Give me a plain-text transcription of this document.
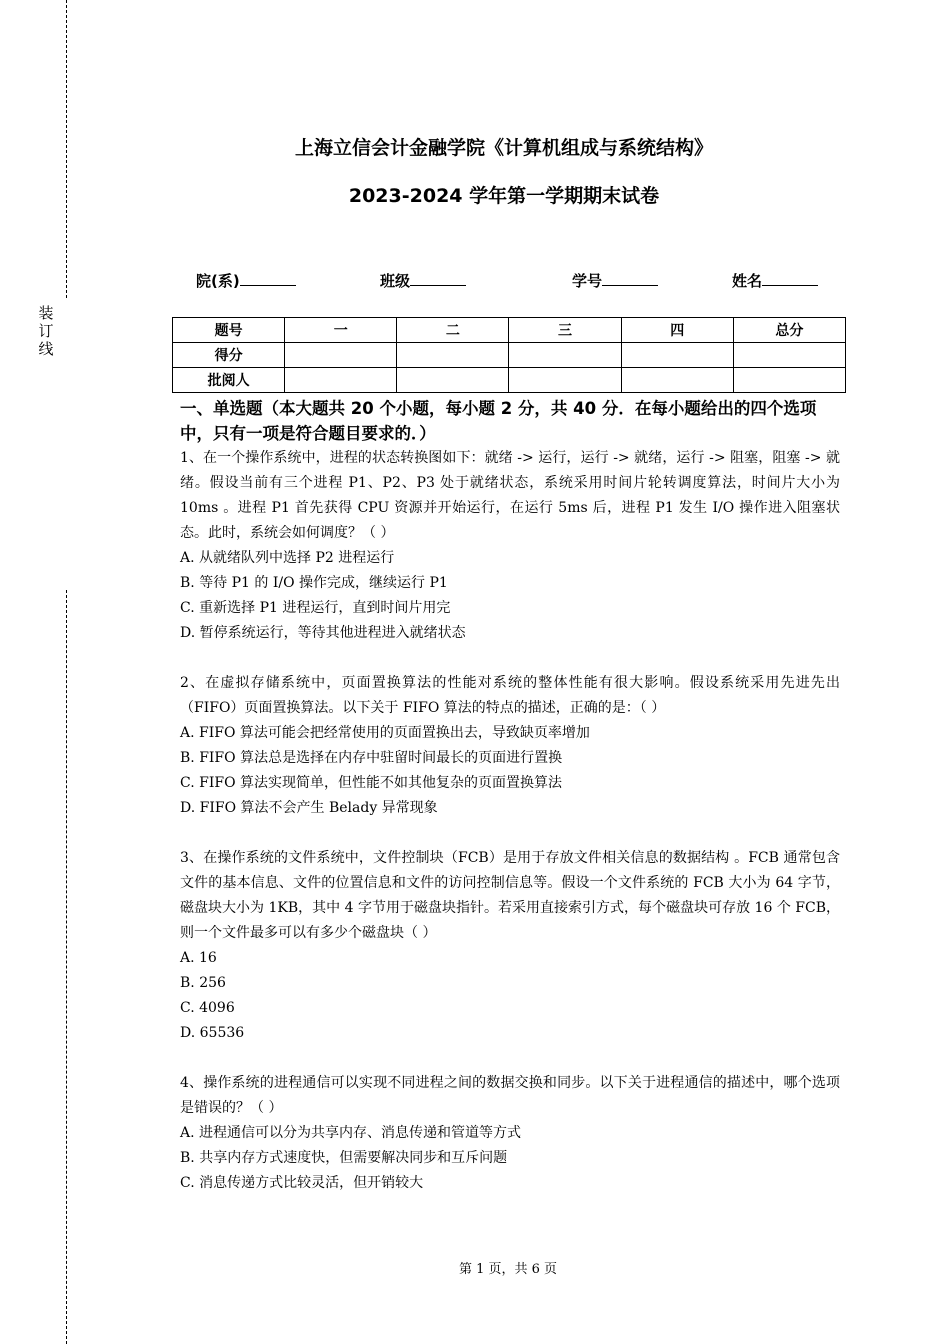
装
订
线
上海立信会计金融学院《计算机组成与系统结构》
2023-2024 学年第一学期期末试卷
院(系)	班级	学号	姓名
题号	一	二	三	四	总分
得分					
批阅人					

一、单选题（本大题共 20 个小题，每小题 2 分，共 40 分．在每小题给出的四个选项中，只有一项是符合题目要求的．）

1、在一个操作系统中，进程的状态转换图如下：就绪 -> 运行，运行 -> 就绪，运行 -> 阻塞，阻塞 -> 就绪。假设当前有三个进程 P1、P2、P3 处于就绪状态，系统采用时间片轮转调度算法，时间片大小为 10ms 。进程 P1 首先获得 CPU 资源并开始运行，在运行 5ms 后，进程 P1 发生 I/O 操作进入阻塞状态。此时，系统会如何调度？（ ）

A. 从就绪队列中选择 P2 进程运行

B. 等待 P1 的 I/O 操作完成，继续运行 P1

C. 重新选择 P1 进程运行，直到时间片用完

D. 暂停系统运行，等待其他进程进入就绪状态

2、在虚拟存储系统中，页面置换算法的性能对系统的整体性能有很大影响。假设系统采用先进先出（FIFO）页面置换算法。以下关于 FIFO 算法的特点的描述，正确的是：（ ）

A. FIFO 算法可能会把经常使用的页面置换出去，导致缺页率增加

B. FIFO 算法总是选择在内存中驻留时间最长的页面进行置换

C. FIFO 算法实现简单，但性能不如其他复杂的页面置换算法

D. FIFO 算法不会产生 Belady 异常现象

3、在操作系统的文件系统中，文件控制块（FCB）是用于存放文件相关信息的数据结构 。FCB 通常包含文件的基本信息、文件的位置信息和文件的访问控制信息等。假设一个文件系统的 FCB 大小为 64 字节，磁盘块大小为 1KB，其中 4 字节用于磁盘块指针。若采用直接索引方式，每个磁盘块可存放 16 个 FCB，则一个文件最多可以有多少个磁盘块（ ）

A. 16

B. 256

C. 4096

D. 65536

4、操作系统的进程通信可以实现不同进程之间的数据交换和同步。以下关于进程通信的描述中，哪个选项是错误的？（ ）

A. 进程通信可以分为共享内存、消息传递和管道等方式

B. 共享内存方式速度快，但需要解决同步和互斥问题

C. 消息传递方式比较灵活，但开销较大

第 1 页，共 6 页
